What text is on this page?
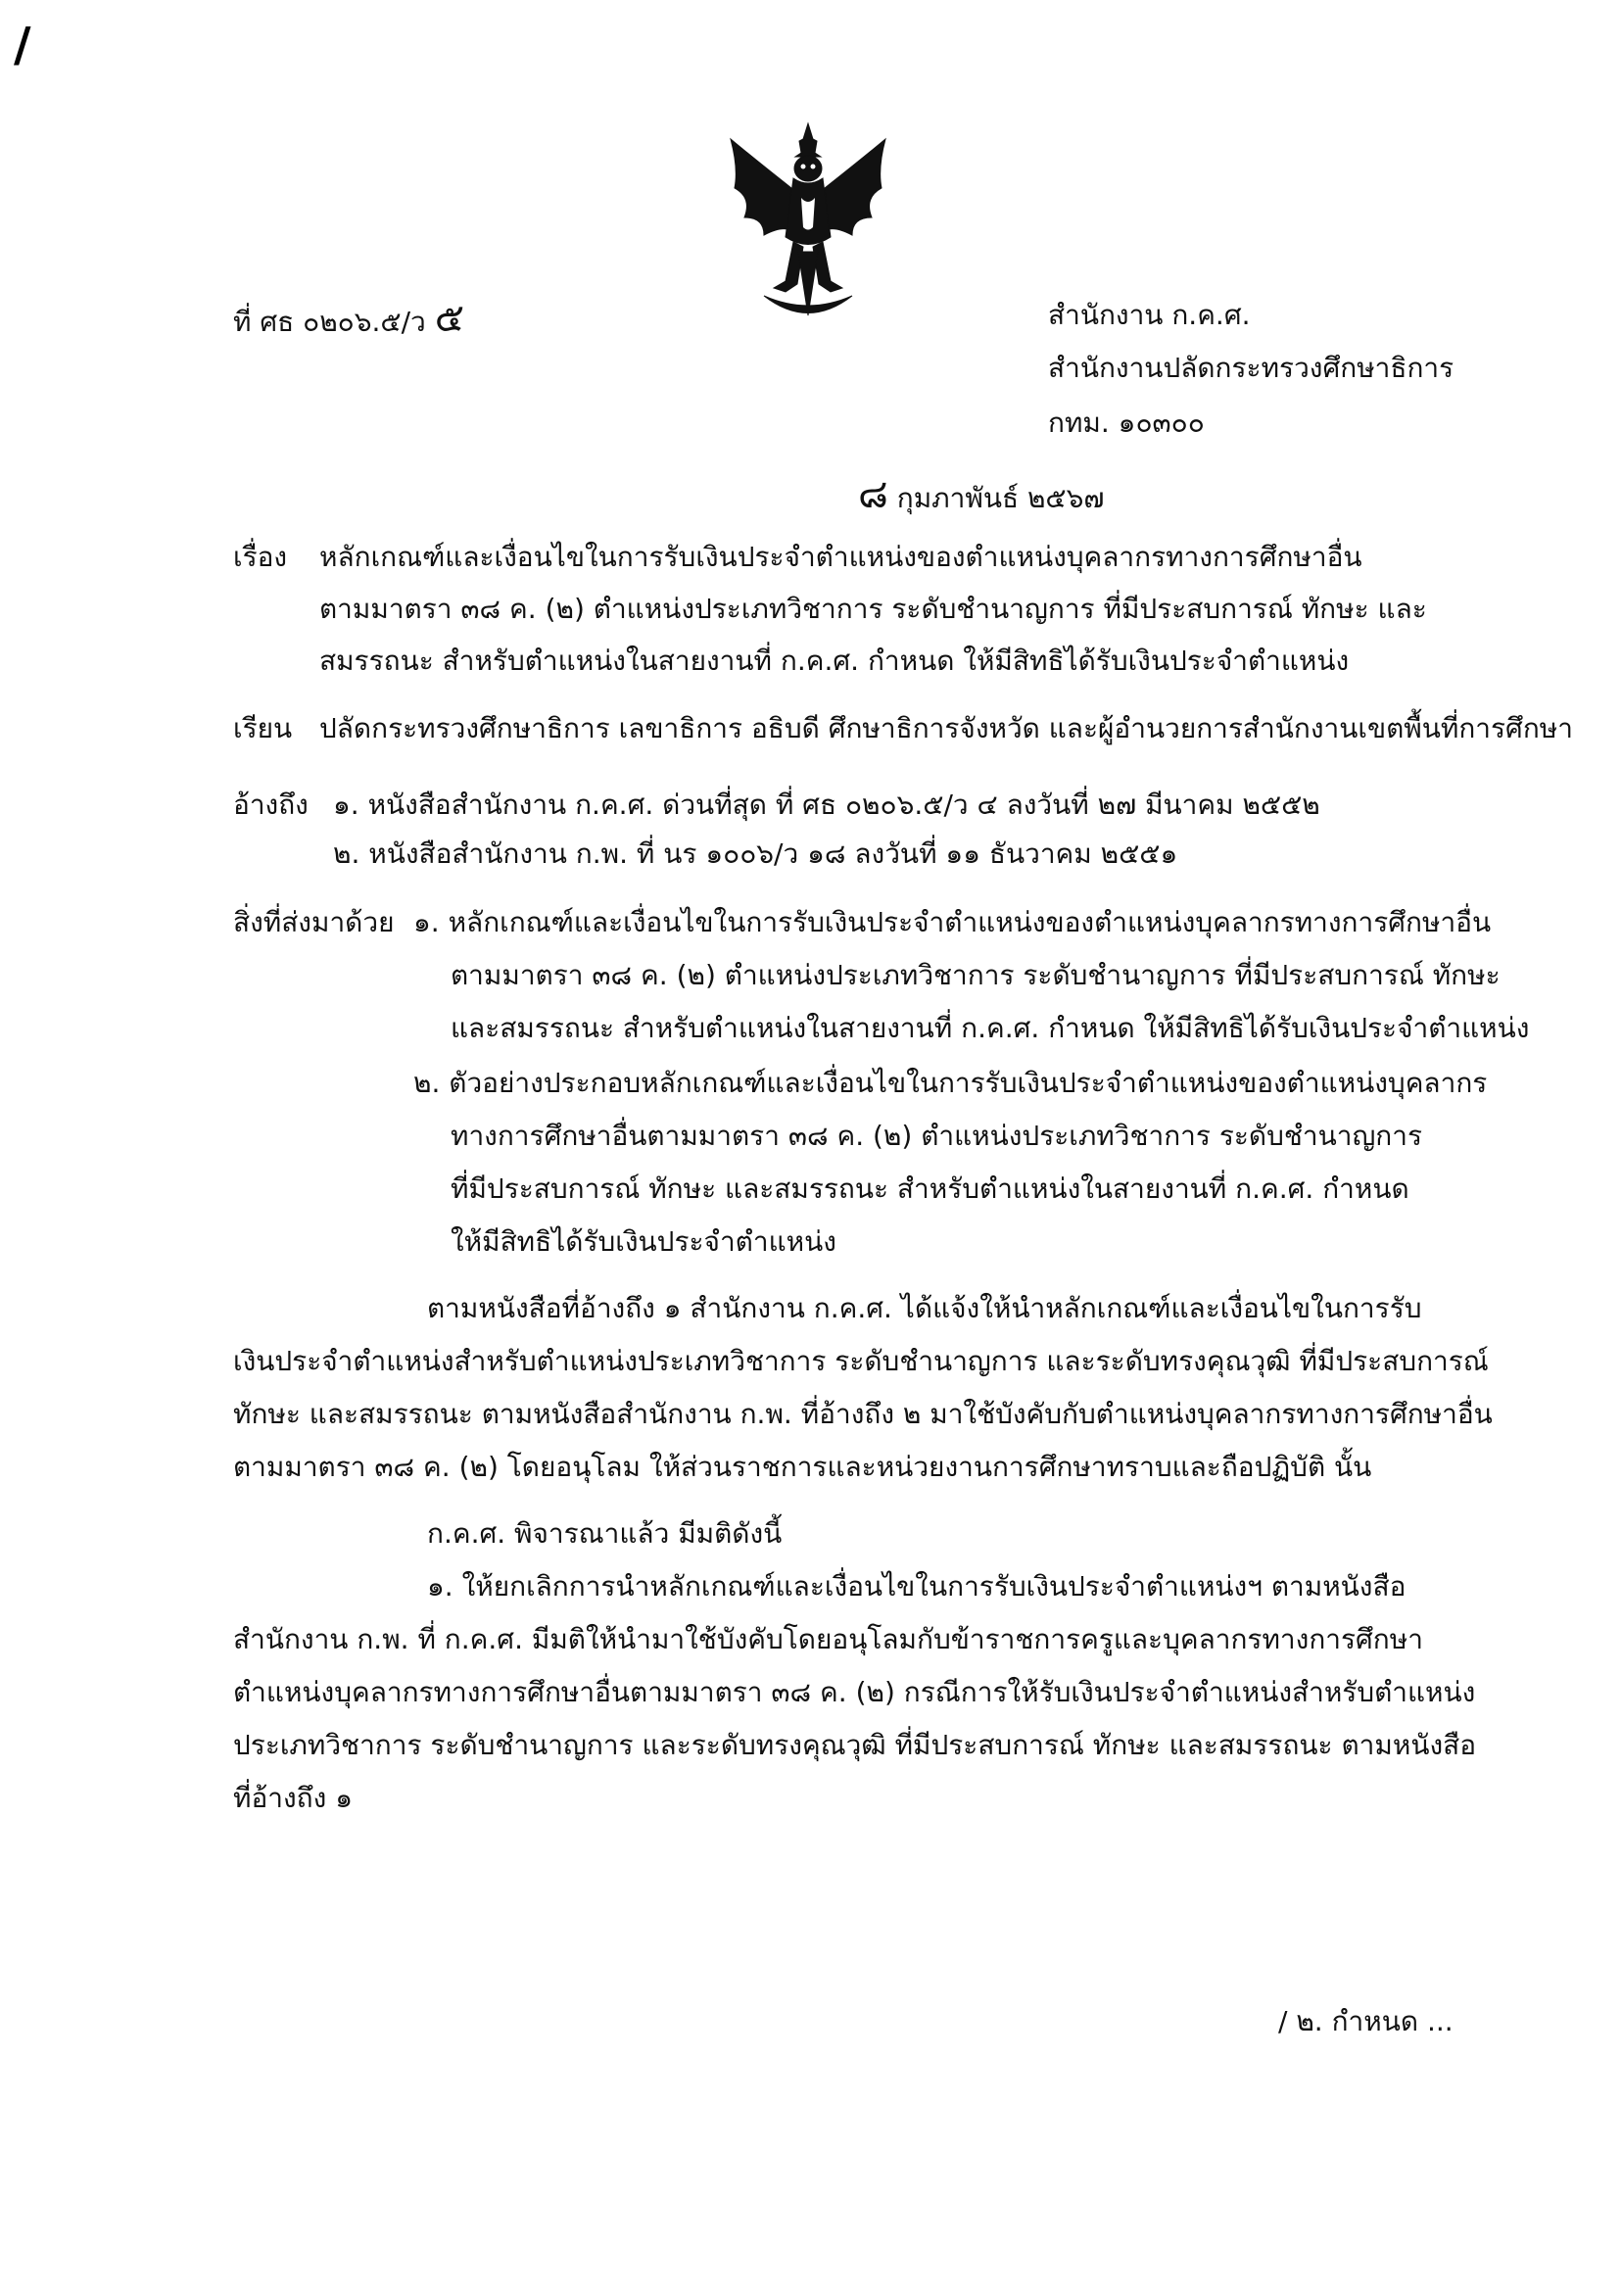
∕
ที่ ศธ ๐๒๐๖.๕/ว ๕	สำนักงาน ก.ค.ศ.
สำนักงานปลัดกระทรวงศึกษาธิการ
กทม. ๑๐๓๐๐
๘ กุมภาพันธ์ ๒๕๖๗
เรื่อง หลักเกณฑ์และเงื่อนไขในการรับเงินประจำตำแหน่งของตำแหน่งบุคลากรทางการศึกษาอื่น
ตามมาตรา ๓๘ ค. (๒) ตำแหน่งประเภทวิชาการ ระดับชำนาญการ ที่มีประสบการณ์ ทักษะ และ
สมรรถนะ สำหรับตำแหน่งในสายงานที่ ก.ค.ศ. กำหนด ให้มีสิทธิได้รับเงินประจำตำแหน่ง
เรียน ปลัดกระทรวงศึกษาธิการ เลขาธิการ อธิบดี ศึกษาธิการจังหวัด และผู้อำนวยการสำนักงานเขตพื้นที่การศึกษา
อ้างถึง ๑. หนังสือสำนักงาน ก.ค.ศ. ด่วนที่สุด ที่ ศธ ๐๒๐๖.๕/ว ๔ ลงวันที่ ๒๗ มีนาคม ๒๕๕๒
๒. หนังสือสำนักงาน ก.พ. ที่ นร ๑๐๐๖/ว ๑๘ ลงวันที่ ๑๑ ธันวาคม ๒๕๕๑
สิ่งที่ส่งมาด้วย ๑. หลักเกณฑ์และเงื่อนไขในการรับเงินประจำตำแหน่งของตำแหน่งบุคลากรทางการศึกษาอื่น
ตามมาตรา ๓๘ ค. (๒) ตำแหน่งประเภทวิชาการ ระดับชำนาญการ ที่มีประสบการณ์ ทักษะ
และสมรรถนะ สำหรับตำแหน่งในสายงานที่ ก.ค.ศ. กำหนด ให้มีสิทธิได้รับเงินประจำตำแหน่ง
๒. ตัวอย่างประกอบหลักเกณฑ์และเงื่อนไขในการรับเงินประจำตำแหน่งของตำแหน่งบุคลากร
ทางการศึกษาอื่นตามมาตรา ๓๘ ค. (๒) ตำแหน่งประเภทวิชาการ ระดับชำนาญการ
ที่มีประสบการณ์ ทักษะ และสมรรถนะ สำหรับตำแหน่งในสายงานที่ ก.ค.ศ. กำหนด
ให้มีสิทธิได้รับเงินประจำตำแหน่ง
ตามหนังสือที่อ้างถึง ๑ สำนักงาน ก.ค.ศ. ได้แจ้งให้นำหลักเกณฑ์และเงื่อนไขในการรับ
เงินประจำตำแหน่งสำหรับตำแหน่งประเภทวิชาการ ระดับชำนาญการ และระดับทรงคุณวุฒิ ที่มีประสบการณ์
ทักษะ และสมรรถนะ ตามหนังสือสำนักงาน ก.พ. ที่อ้างถึง ๒ มาใช้บังคับกับตำแหน่งบุคลากรทางการศึกษาอื่น
ตามมาตรา ๓๘ ค. (๒) โดยอนุโลม ให้ส่วนราชการและหน่วยงานการศึกษาทราบและถือปฏิบัติ นั้น
ก.ค.ศ. พิจารณาแล้ว มีมติดังนี้
๑. ให้ยกเลิกการนำหลักเกณฑ์และเงื่อนไขในการรับเงินประจำตำแหน่งฯ ตามหนังสือ
สำนักงาน ก.พ. ที่ ก.ค.ศ. มีมติให้นำมาใช้บังคับโดยอนุโลมกับข้าราชการครูและบุคลากรทางการศึกษา
ตำแหน่งบุคลากรทางการศึกษาอื่นตามมาตรา ๓๘ ค. (๒) กรณีการให้รับเงินประจำตำแหน่งสำหรับตำแหน่ง
ประเภทวิชาการ ระดับชำนาญการ และระดับทรงคุณวุฒิ ที่มีประสบการณ์ ทักษะ และสมรรถนะ ตามหนังสือ
ที่อ้างถึง ๑
/ ๒. กำหนด ...
